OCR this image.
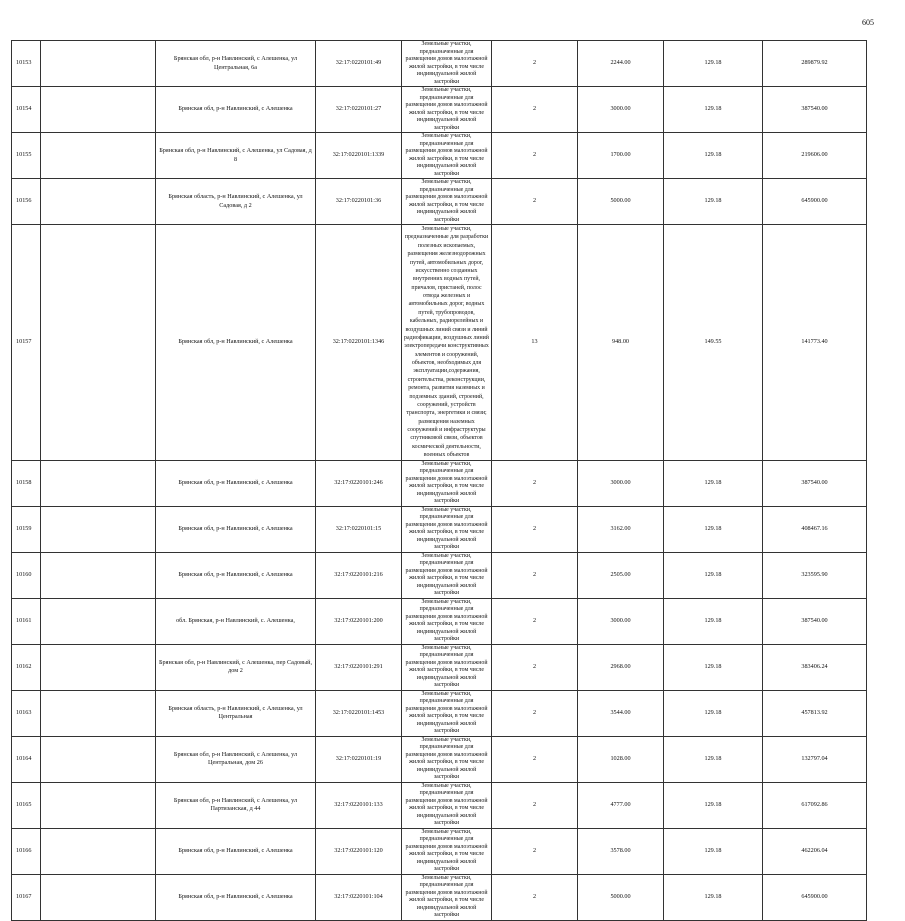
605
10153		Брянская обл, р-н Навлинский, с Алешенка, ул Центральная, 6а	32:17:0220101:49	Земельные участки, предназначенные для размещения домов малоэтажной жилой застройки, в том числе индивидуальной жилой застройки	2	2244.00	129.18	289879.92
10154		Брянская обл, р-н Навлинский, с Алешенка	32:17:0220101:27	Земельные участки, предназначенные для размещения домов малоэтажной жилой застройки, в том числе индивидуальной жилой застройки	2	3000.00	129.18	387540.00
10155		Брянская обл, р-н Навлинский, с Алешенка, ул Садовая, д 8	32:17:0220101:1339	Земельные участки, предназначенные для размещения домов малоэтажной жилой застройки, в том числе индивидуальной жилой застройки	2	1700.00	129.18	219606.00
10156		Брянская область, р-н Навлинский, с Алешенка, ул Садовая, д 2	32:17:0220101:36	Земельные участки, предназначенные для размещения домов малоэтажной жилой застройки, в том числе индивидуальной жилой застройки	2	5000.00	129.18	645900.00
10157		Брянская обл, р-н Навлинский, с Алешенка	32:17:0220101:1346	Земельные участки, предназначенные для разработки полезных ископаемых, размещения железнодорожных путей, автомобильных дорог, искусственно созданных внутренних водных путей, причалов, пристаней, полос отвода железных и автомобильных дорог, водных путей, трубопроводов, кабельных, радиорелейных и воздушных линий связи и линий радиофикации, воздушных линий электропередачи конструктивных элементов и сооружений, объектов, необходимых для эксплуатации,содержания, строительства, реконструкции, ремонта, развития наземных и подземных зданий, строений, сооружений, устройств транспорта, энергетики и связи; размещения наземных сооружений и инфраструктуры спутниковой связи, объектов космической деятельности, военных объектов	13	948.00	149.55	141773.40
10158		Брянская обл, р-н Навлинский, с Алешенка	32:17:0220101:246	Земельные участки, предназначенные для размещения домов малоэтажной жилой застройки, в том числе индивидуальной жилой застройки	2	3000.00	129.18	387540.00
10159		Брянская обл, р-н Навлинский, с Алешенка	32:17:0220101:15	Земельные участки, предназначенные для размещения домов малоэтажной жилой застройки, в том числе индивидуальной жилой застройки	2	3162.00	129.18	408467.16
10160		Брянская обл, р-н Навлинский, с Алешенка	32:17:0220101:216	Земельные участки, предназначенные для размещения домов малоэтажной жилой застройки, в том числе индивидуальной жилой застройки	2	2505.00	129.18	323595.90
10161		обл. Брянская, р-н Навлинский, с. Алешенка,	32:17:0220101:200	Земельные участки, предназначенные для размещения домов малоэтажной жилой застройки, в том числе индивидуальной жилой застройки	2	3000.00	129.18	387540.00
10162		Брянская обл, р-н Навлинский, с Алешенка, пер Садовый, дом 2	32:17:0220101:291	Земельные участки, предназначенные для размещения домов малоэтажной жилой застройки, в том числе индивидуальной жилой застройки	2	2968.00	129.18	383406.24
10163		Брянская область, р-н Навлинский, с Алешенка, ул Центральная	32:17:0220101:1453	Земельные участки, предназначенные для размещения домов малоэтажной жилой застройки, в том числе индивидуальной жилой застройки	2	3544.00	129.18	457813.92
10164		Брянская обл, р-н Навлинский, с Алешенка, ул Центральная, дом 26	32:17:0220101:19	Земельные участки, предназначенные для размещения домов малоэтажной жилой застройки, в том числе индивидуальной жилой застройки	2	1028.00	129.18	132797.04
10165		Брянская обл, р-н Навлинский, с Алешенка, ул Партизанская, д 44	32:17:0220101:133	Земельные участки, предназначенные для размещения домов малоэтажной жилой застройки, в том числе индивидуальной жилой застройки	2	4777.00	129.18	617092.86
10166		Брянская обл, р-н Навлинский, с Алешенка	32:17:0220101:120	Земельные участки, предназначенные для размещения домов малоэтажной жилой застройки, в том числе индивидуальной жилой застройки	2	3578.00	129.18	462206.04
10167		Брянская обл, р-н Навлинский, с Алешенка	32:17:0220101:104	Земельные участки, предназначенные для размещения домов малоэтажной жилой застройки, в том числе индивидуальной жилой застройки	2	5000.00	129.18	645900.00
